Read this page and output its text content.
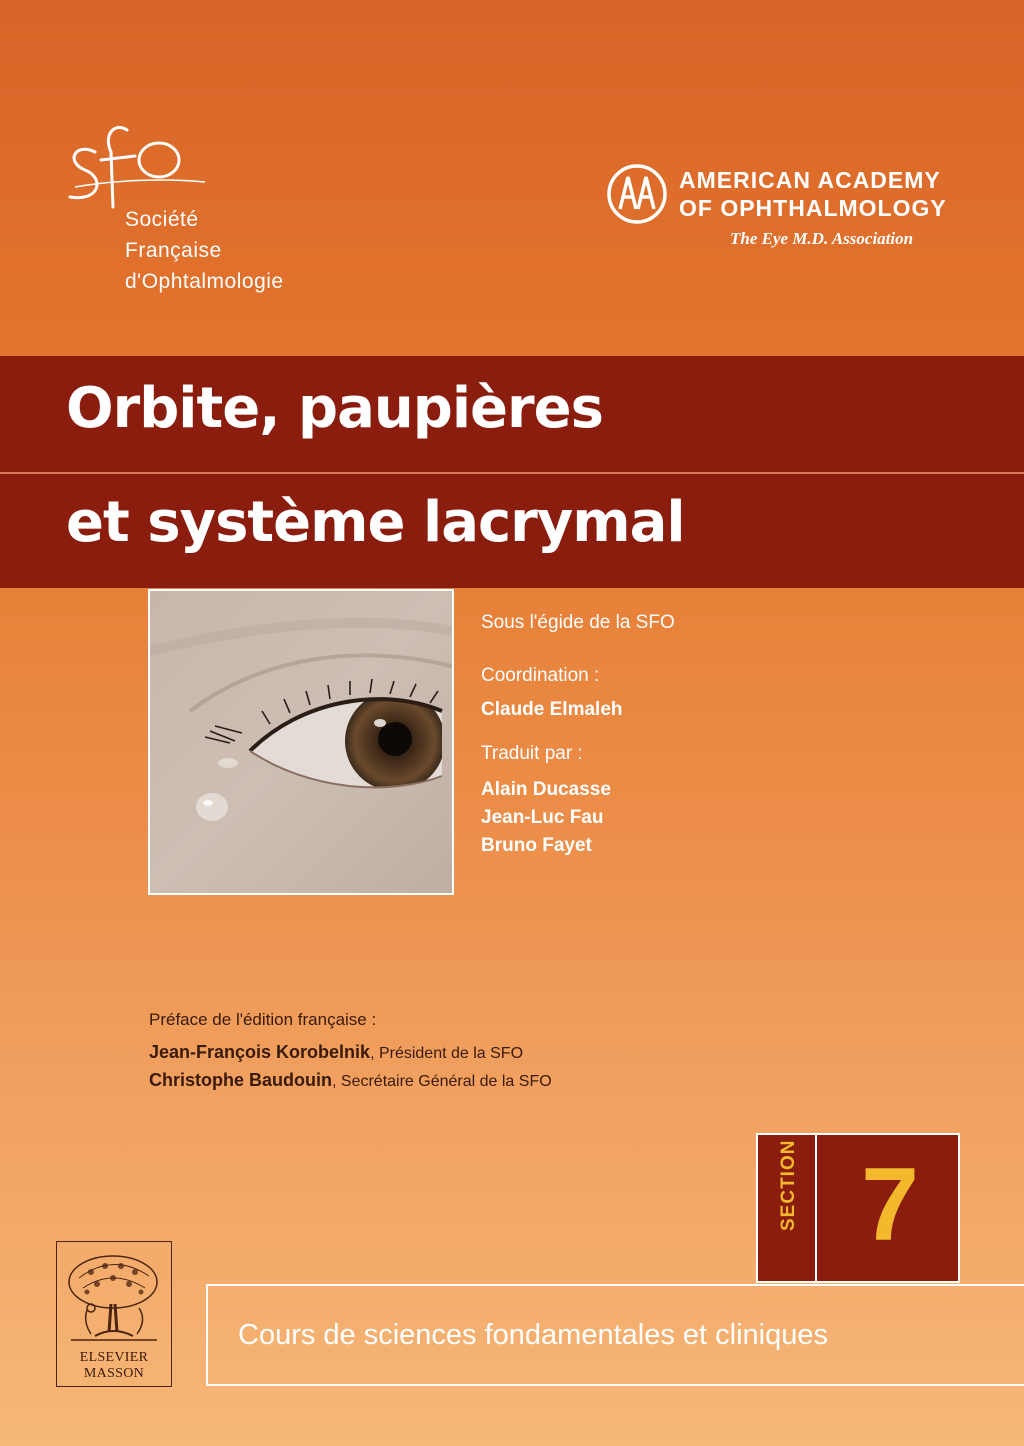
Société
Française
d'Ophtalmologie
AMERICAN ACADEMY
OF OPHTHALMOLOGY
The Eye M.D. Association
Orbite, paupières
et système lacrymal
Sous l'égide de la SFO
Coordination :
Claude Elmaleh
Traduit par :
Alain Ducasse
Jean-Luc Fau
Bruno Fayet
Préface de l'édition française :
Jean-François Korobelnik, Président de la SFO
Christophe Baudouin, Secrétaire Général de la SFO
SECTION 7
ELSEVIER
MASSON
Cours de sciences fondamentales et cliniques
